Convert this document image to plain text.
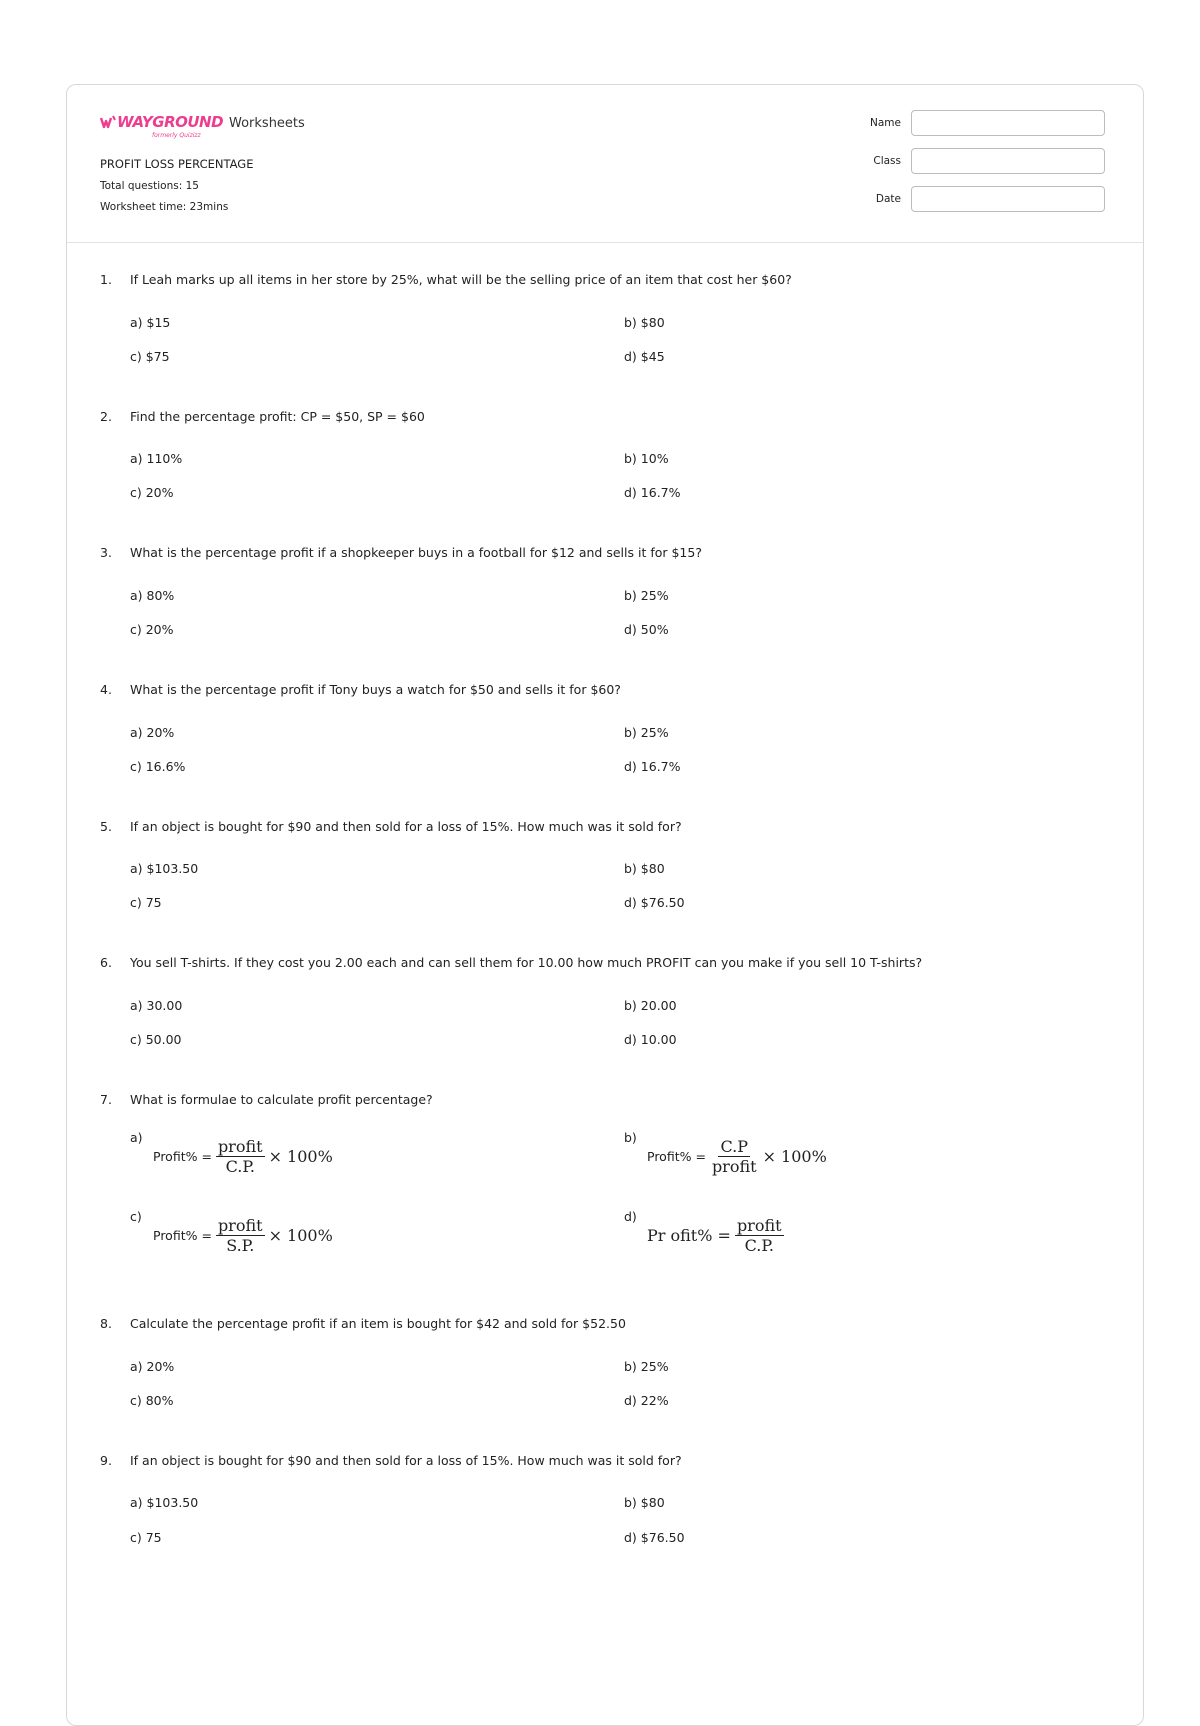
WAYGROUND
formerly Quizizz
Worksheets
PROFIT LOSS PERCENTAGE
Total questions: 15
Worksheet time: 23mins
Name
Class
Date
1. If Leah marks up all items in her store by 25%, what will be the selling price of an item that cost her $60?
a) $15	b) $80
c) $75	d) $45
2. Find the percentage profit: CP = $50, SP = $60
a) 110%	b) 10%
c) 20%	d) 16.7%
3. What is the percentage profit if a shopkeeper buys in a football for $12 and sells it for $15?
a) 80%	b) 25%
c) 20%	d) 50%
4. What is the percentage profit if Tony buys a watch for $50 and sells it for $60?
a) 20%	b) 25%
c) 16.6%	d) 16.7%
5. If an object is bought for $90 and then sold for a loss of 15%. How much was it sold for?
a) $103.50	b) $80
c) 75	d) $76.50
6. You sell T-shirts. If they cost you 2.00 each and can sell them for 10.00 how much PROFIT can you make if you sell 10 T-shirts?
a) 30.00	b) 20.00
c) 50.00	d) 10.00
7. What is formulae to calculate profit percentage?
a)
Profit% = $\frac{\text{profit}}{C.P.} \times 100\%$
b)
Profit% = $\frac{C.P}{\text{profit}} \times 100\%$
c)
Profit% = $\frac{\text{profit}}{S.P.} \times 100\%$
d)
Pr ofit% = $\frac{\text{profit}}{C.P.}$
8. Calculate the percentage profit if an item is bought for $42 and sold for $52.50
a) 20%	b) 25%
c) 80%	d) 22%
9. If an object is bought for $90 and then sold for a loss of 15%. How much was it sold for?
a) $103.50	b) $80
c) 75	d) $76.50
